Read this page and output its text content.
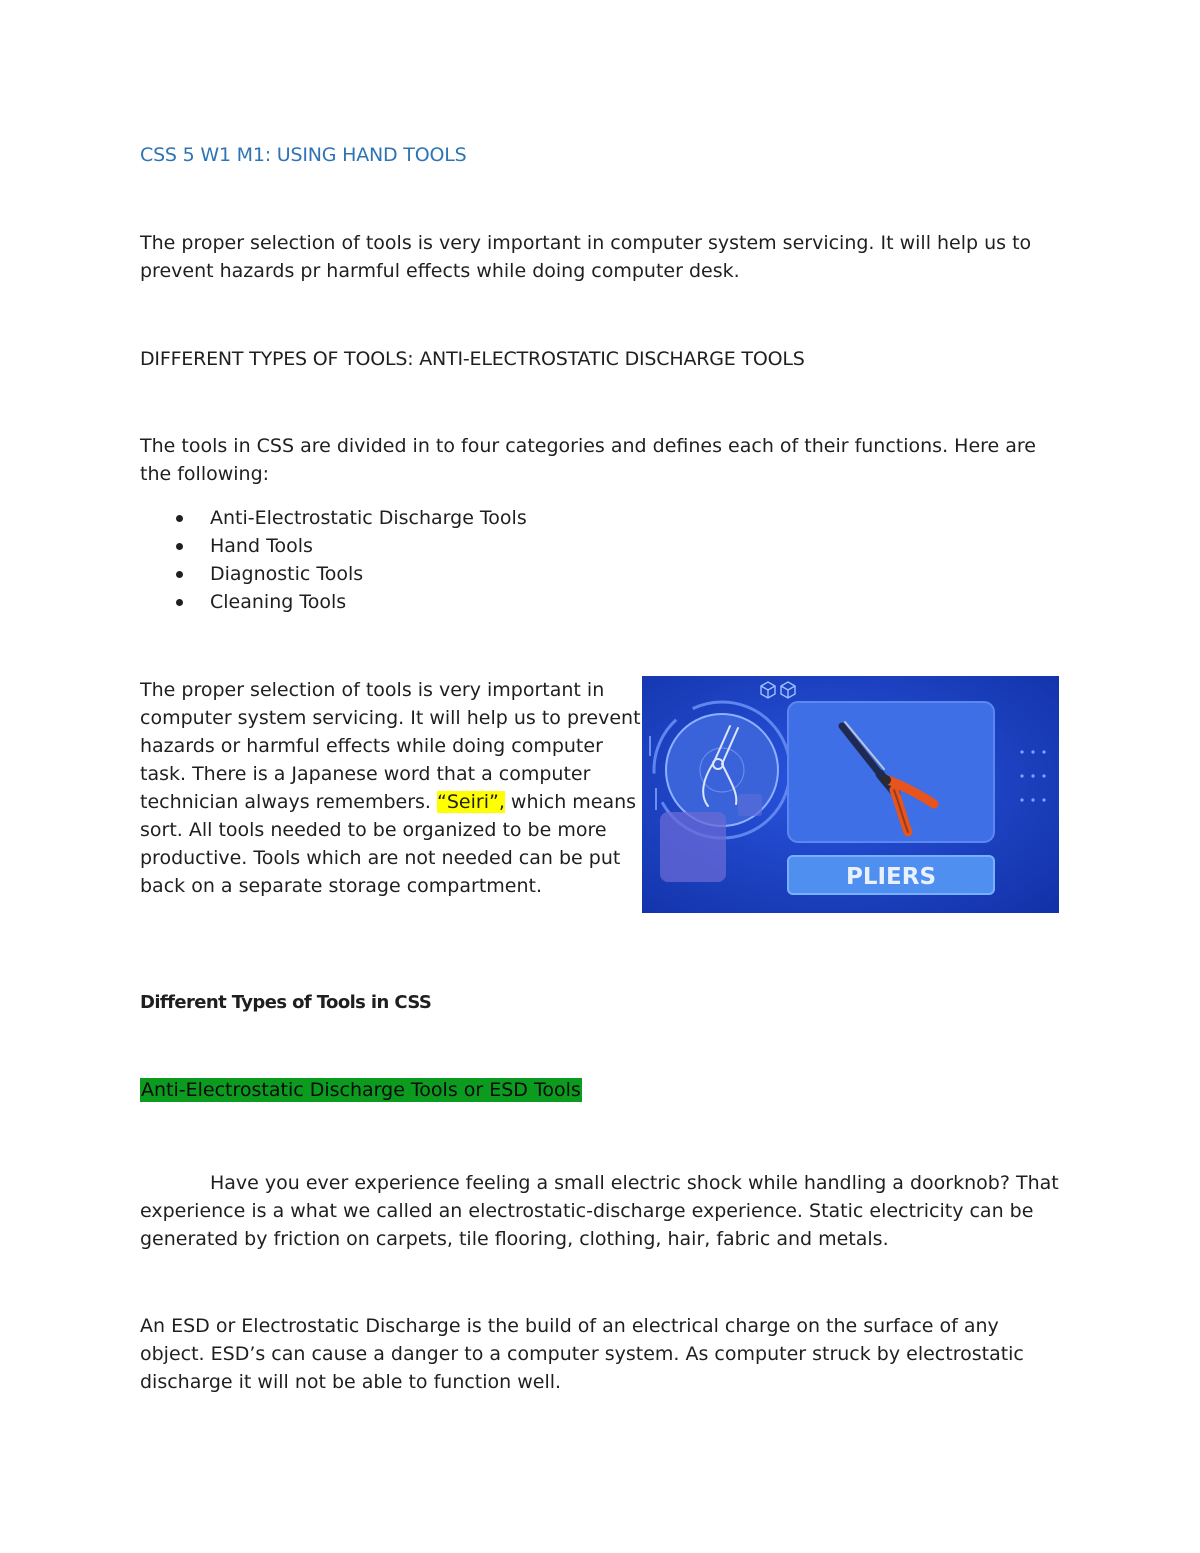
CSS 5 W1 M1: USING HAND TOOLS

The proper selection of tools is very important in computer system servicing. It will help us to prevent hazards pr harmful effects while doing computer desk.

DIFFERENT TYPES OF TOOLS: ANTI-ELECTROSTATIC DISCHARGE TOOLS

The tools in CSS are divided in to four categories and defines each of their functions. Here are the following:

Anti-Electrostatic Discharge Tools
Hand Tools
Diagnostic Tools
Cleaning Tools

The proper selection of tools is very important in computer system servicing. It will help us to prevent hazards or harmful effects while doing computer task. There is a Japanese word that a computer technician always remembers. “Seiri”, which means sort. All tools needed to be organized to be more productive. Tools which are not needed can be put back on a separate storage compartment.	PLIERS

Different Types of Tools in CSS

Anti-Electrostatic Discharge Tools or ESD Tools

Have you ever experience feeling a small electric shock while handling a doorknob? That experience is a what we called an electrostatic-discharge experience. Static electricity can be generated by friction on carpets, tile flooring, clothing, hair, fabric and metals.

An ESD or Electrostatic Discharge is the build of an electrical charge on the surface of any object. ESD’s can cause a danger to a computer system. As computer struck by electrostatic discharge it will not be able to function well.
